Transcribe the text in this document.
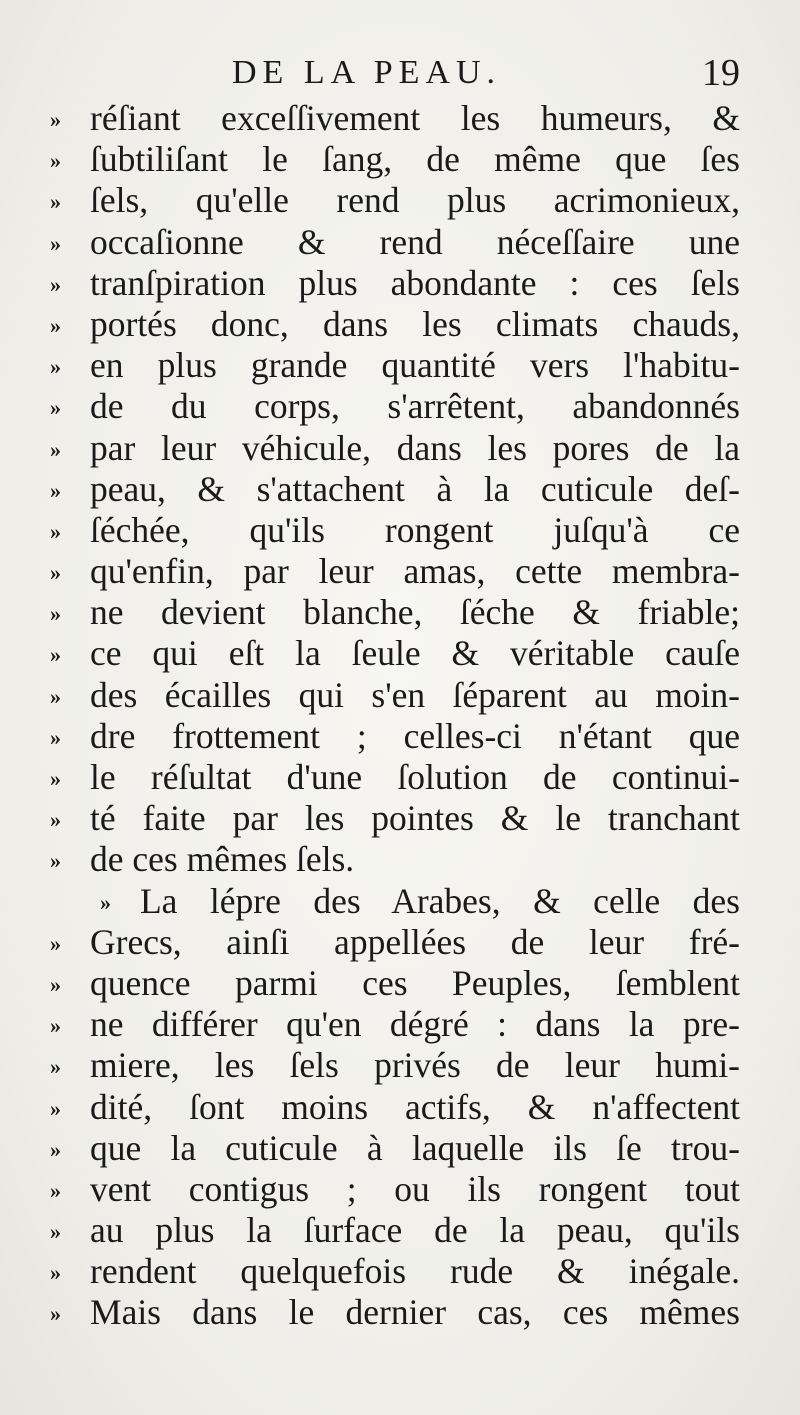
DE LA PEAU.	19
» réſiant exceſſivement les humeurs, &
» ſubtiliſant le ſang, de même que ſes
» ſels, qu'elle rend plus acrimonieux,
» occaſionne & rend néceſſaire une
» tranſpiration plus abondante : ces ſels
» portés donc, dans les climats chauds,
» en plus grande quantité vers l'habitu-
» de du corps, s'arrêtent, abandonnés
» par leur véhicule, dans les pores de la
» peau, & s'attachent à la cuticule deſ-
» ſéchée, qu'ils rongent juſqu'à ce
» qu'enfin, par leur amas, cette membra-
» ne devient blanche, ſéche & friable;
» ce qui eſt la ſeule & véritable cauſe
» des écailles qui s'en ſéparent au moin-
» dre frottement ; celles-ci n'étant que
» le réſultat d'une ſolution de continui-
» té faite par les pointes & le tranchant
» de ces mêmes ſels.
» La lépre des Arabes, & celle des
» Grecs, ainſi appellées de leur fré-
» quence parmi ces Peuples, ſemblent
» ne différer qu'en dégré : dans la pre-
» miere, les ſels privés de leur humi-
» dité, ſont moins actifs, & n'affectent
» que la cuticule à laquelle ils ſe trou-
» vent contigus ; ou ils rongent tout
» au plus la ſurface de la peau, qu'ils
» rendent quelquefois rude & inégale.
» Mais dans le dernier cas, ces mêmes
